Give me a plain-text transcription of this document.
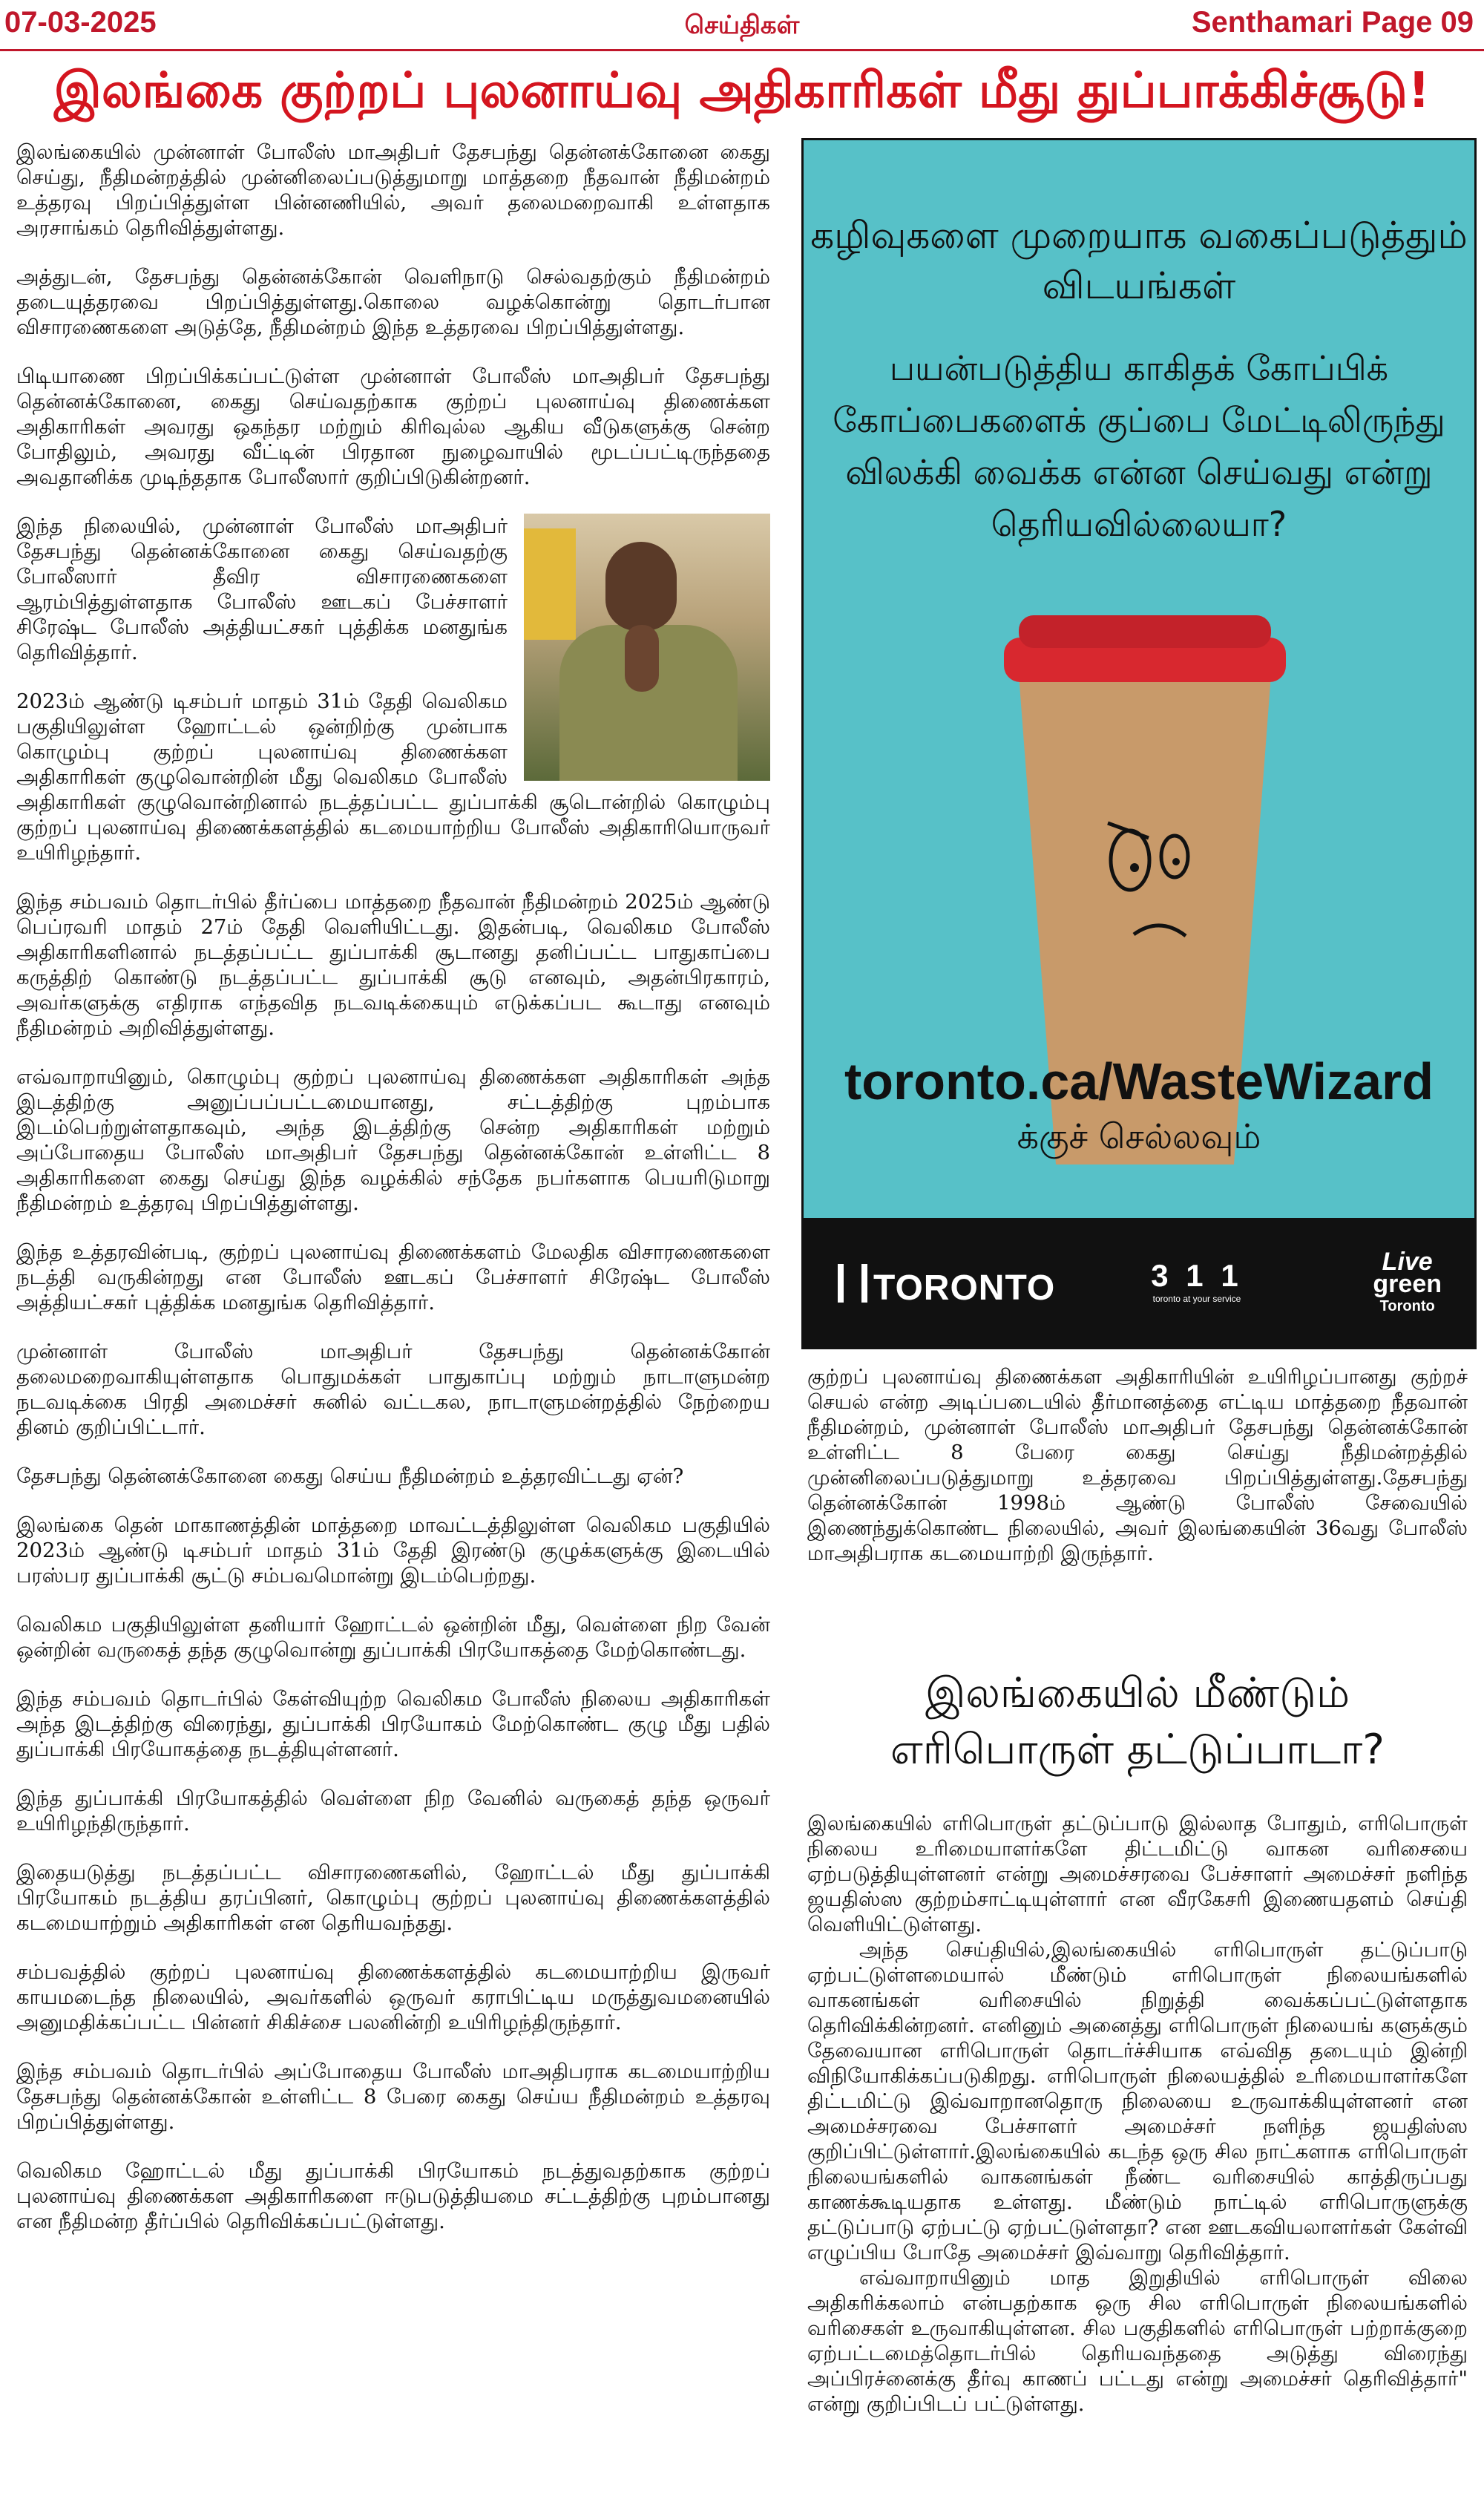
07-03-2025	செய்திகள்	Senthamari Page 09
இலங்கை குற்றப் புலனாய்வு அதிகாரிகள் மீது துப்பாக்கிச்சூடு!

இலங்கையில் முன்னாள் போலீஸ் மாஅதிபர் தேசபந்து தென்னக்கோனை கைது செய்து, நீதிமன்றத்தில் முன்னிலைப்படுத்துமாறு மாத்தறை நீதவான் நீதிமன்றம் உத்தரவு பிறப்பித்துள்ள பின்னணியில், அவர் தலைமறைவாகி உள்ளதாக அரசாங்கம் தெரிவித்துள்ளது.

அத்துடன், தேசபந்து தென்னக்கோன் வெளிநாடு செல்வதற்கும் நீதிமன்றம் தடையுத்தரவை பிறப்பித்துள்ளது.கொலை வழக்கொன்று தொடர்பான விசாரணைகளை அடுத்தே, நீதிமன்றம் இந்த உத்தரவை பிறப்பித்துள்ளது.

பிடியாணை பிறப்பிக்கப்பட்டுள்ள முன்னாள் போலீஸ் மாஅதிபர் தேசபந்து தென்னக்கோனை, கைது செய்வதற்காக குற்றப் புலனாய்வு திணைக்கள அதிகாரிகள் அவரது ஒகந்தர மற்றும் கிரிவுல்ல ஆகிய வீடுகளுக்கு சென்ற போதிலும், அவரது வீட்டின் பிரதான நுழைவாயில் மூடப்பட்டிருந்ததை அவதானிக்க முடிந்ததாக போலீஸார் குறிப்பிடுகின்றனர்.

இந்த நிலையில், முன்னாள் போலீஸ் மாஅதிபர் தேசபந்து தென்னக்கோனை கைது செய்வதற்கு போலீஸார் தீவிர விசாரணைகளை ஆரம்பித்துள்ளதாக போலீஸ் ஊடகப் பேச்சாளர் சிரேஷ்ட போலீஸ் அத்தியட்சகர் புத்திக்க மனதுங்க தெரிவித்தார்.

2023ம் ஆண்டு டிசம்பர் மாதம் 31ம் தேதி வெலிகம பகுதியிலுள்ள ஹோட்டல் ஒன்றிற்கு முன்பாக கொழும்பு குற்றப் புலனாய்வு திணைக்கள அதிகாரிகள் குழுவொன்றின் மீது வெலிகம போலீஸ் அதிகாரிகள் குழுவொன்றினால் நடத்தப்பட்ட துப்பாக்கி சூடொன்றில் கொழும்பு குற்றப் புலனாய்வு திணைக்களத்தில் கடமையாற்றிய போலீஸ் அதிகாரியொருவர் உயிரிழந்தார்.

இந்த சம்பவம் தொடர்பில் தீர்ப்பை மாத்தறை நீதவான் நீதிமன்றம் 2025ம் ஆண்டு பெப்ரவரி மாதம் 27ம் தேதி வெளியிட்டது. இதன்படி, வெலிகம போலீஸ் அதிகாரிகளினால் நடத்தப்பட்ட துப்பாக்கி சூடானது தனிப்பட்ட பாதுகாப்பை கருத்திற் கொண்டு நடத்தப்பட்ட துப்பாக்கி சூடு எனவும், அதன்பிரகாரம், அவர்களுக்கு எதிராக எந்தவித நடவடிக்கையும் எடுக்கப்பட கூடாது எனவும் நீதிமன்றம் அறிவித்துள்ளது.

எவ்வாறாயினும், கொழும்பு குற்றப் புலனாய்வு திணைக்கள அதிகாரிகள் அந்த இடத்திற்கு அனுப்பப்பட்டமையானது, சட்டத்திற்கு புறம்பாக இடம்பெற்றுள்ளதாகவும், அந்த இடத்திற்கு சென்ற அதிகாரிகள் மற்றும் அப்போதைய போலீஸ் மாஅதிபர் தேசபந்து தென்னக்கோன் உள்ளிட்ட 8 அதிகாரிகளை கைது செய்து இந்த வழக்கில் சந்தேக நபர்களாக பெயரிடுமாறு நீதிமன்றம் உத்தரவு பிறப்பித்துள்ளது.

இந்த உத்தரவின்படி, குற்றப் புலனாய்வு திணைக்களம் மேலதிக விசாரணைகளை நடத்தி வருகின்றது என போலீஸ் ஊடகப் பேச்சாளர் சிரேஷ்ட போலீஸ் அத்தியட்சகர் புத்திக்க மனதுங்க தெரிவித்தார்.

முன்னாள் போலீஸ் மாஅதிபர் தேசபந்து தென்னக்கோன் தலைமறைவாகியுள்ளதாக பொதுமக்கள் பாதுகாப்பு மற்றும் நாடாளுமன்ற நடவடிக்கை பிரதி அமைச்சர் சுனில் வட்டகல, நாடாளுமன்றத்தில் நேற்றைய தினம் குறிப்பிட்டார்.

தேசபந்து தென்னக்கோனை கைது செய்ய நீதிமன்றம் உத்தரவிட்டது ஏன்?

இலங்கை தென் மாகாணத்தின் மாத்தறை மாவட்டத்திலுள்ள வெலிகம பகுதியில் 2023ம் ஆண்டு டிசம்பர் மாதம் 31ம் தேதி இரண்டு குழுக்களுக்கு இடையில் பரஸ்பர துப்பாக்கி சூட்டு சம்பவமொன்று இடம்பெற்றது.

வெலிகம பகுதியிலுள்ள தனியார் ஹோட்டல் ஒன்றின் மீது, வெள்ளை நிற வேன் ஒன்றின் வருகைத் தந்த குழுவொன்று துப்பாக்கி பிரயோகத்தை மேற்கொண்டது.

இந்த சம்பவம் தொடர்பில் கேள்வியுற்ற வெலிகம போலீஸ் நிலைய அதிகாரிகள் அந்த இடத்திற்கு விரைந்து, துப்பாக்கி பிரயோகம் மேற்கொண்ட குழு மீது பதில் துப்பாக்கி பிரயோகத்தை நடத்தியுள்ளனர்.

இந்த துப்பாக்கி பிரயோகத்தில் வெள்ளை நிற வேனில் வருகைத் தந்த ஒருவர் உயிரிழந்திருந்தார்.

இதையடுத்து நடத்தப்பட்ட விசாரணைகளில், ஹோட்டல் மீது துப்பாக்கி பிரயோகம் நடத்திய தரப்பினர், கொழும்பு குற்றப் புலனாய்வு திணைக்களத்தில் கடமையாற்றும் அதிகாரிகள் என தெரியவந்தது.

சம்பவத்தில் குற்றப் புலனாய்வு திணைக்களத்தில் கடமையாற்றிய இருவர் காயமடைந்த நிலையில், அவர்களில் ஒருவர் கராபிட்டிய மருத்துவமனையில் அனுமதிக்கப்பட்ட பின்னர் சிகிச்சை பலனின்றி உயிரிழந்திருந்தார்.

இந்த சம்பவம் தொடர்பில் அப்போதைய போலீஸ் மாஅதிபராக கடமையாற்றிய தேசபந்து தென்னக்கோன் உள்ளிட்ட 8 பேரை கைது செய்ய நீதிமன்றம் உத்தரவு பிறப்பித்துள்ளது.

வெலிகம ஹோட்டல் மீது துப்பாக்கி பிரயோகம் நடத்துவதற்காக குற்றப் புலனாய்வு திணைக்கள அதிகாரிகளை ஈடுபடுத்தியமை சட்டத்திற்கு புறம்பானது என நீதிமன்ற தீர்ப்பில் தெரிவிக்கப்பட்டுள்ளது.

கழிவுகளை முறையாக வகைப்படுத்தும் விடயங்கள்
பயன்படுத்திய காகிதக் கோப்பிக் கோப்பைகளைக் குப்பை மேட்டிலிருந்து விலக்கி வைக்க என்ன செய்வது என்று தெரியவில்லையா?
toronto.ca/WasteWizard
க்குச் செல்லவும்
TORONTO	3 1 1
toronto at your service
Live
green
Toronto

குற்றப் புலனாய்வு திணைக்கள அதிகாரியின் உயிரிழப்பானது குற்றச் செயல் என்ற அடிப்படையில் தீர்மானத்தை எட்டிய மாத்தறை நீதவான் நீதிமன்றம், முன்னாள் போலீஸ் மாஅதிபர் தேசபந்து தென்னக்கோன் உள்ளிட்ட 8 பேரை கைது செய்து நீதிமன்றத்தில் முன்னிலைப்படுத்துமாறு உத்தரவை பிறப்பித்துள்ளது.தேசபந்து தென்னக்கோன் 1998ம் ஆண்டு போலீஸ் சேவையில் இணைந்துக்கொண்ட நிலையில், அவர் இலங்கையின் 36வது போலீஸ் மாஅதிபராக கடமையாற்றி இருந்தார்.

இலங்கையில் மீண்டும் எரிபொருள் தட்டுப்பாடா?

இலங்கையில் எரிபொருள் தட்டுப்பாடு இல்லாத போதும், எரிபொருள் நிலைய உரிமையாளர்களே திட்டமிட்டு வாகன வரிசையை ஏற்படுத்தியுள்ளனர் என்று அமைச்சரவை பேச்சாளர் அமைச்சர் நளிந்த ஜயதிஸ்ஸ குற்றம்சாட்டியுள்ளார் என வீரகேசரி இணையதளம் செய்தி வெளியிட்டுள்ளது.

அந்த செய்தியில்,இலங்கையில் எரிபொருள் தட்டுப்பாடு ஏற்பட்டுள்ளமையால் மீண்டும் எரிபொருள் நிலையங்களில் வாகனங்கள் வரிசையில் நிறுத்தி வைக்கப்பட்டுள்ளதாக தெரிவிக்கின்றனர். எனினும் அனைத்து எரிபொருள் நிலையங் களுக்கும் தேவையான எரிபொருள் தொடர்ச்சியாக எவ்வித தடையும் இன்றி விநியோகிக்கப்படுகிறது. எரிபொருள் நிலையத்தில் உரிமையாளர்களே திட்டமிட்டு இவ்வாறானதொரு நிலையை உருவாக்கியுள்ளனர் என அமைச்சரவை பேச்சாளர் அமைச்சர் நளிந்த ஜயதிஸ்ஸ குறிப்பிட்டுள்ளார்.இலங்கையில் கடந்த ஒரு சில நாட்களாக எரிபொருள் நிலையங்களில் வாகனங்கள் நீண்ட வரிசையில் காத்திருப்பது காணக்கூடியதாக உள்ளது. மீண்டும் நாட்டில் எரிபொருளுக்கு தட்டுப்பாடு ஏற்பட்டு ஏற்பட்டுள்ளதா? என ஊடகவியலாளர்கள் கேள்வி எழுப்பிய போதே அமைச்சர் இவ்வாறு தெரிவித்தார்.

எவ்வாறாயினும் மாத இறுதியில் எரிபொருள் விலை அதிகரிக்கலாம் என்பதற்காக ஒரு சில எரிபொருள் நிலையங்களில் வரிசைகள் உருவாகியுள்ளன. சில பகுதிகளில் எரிபொருள் பற்றாக்குறை ஏற்பட்டமைத்தொடர்பில் தெரியவந்ததை அடுத்து விரைந்து அப்பிரச்னைக்கு தீர்வு காணப் பட்டது என்று அமைச்சர் தெரிவித்தார்" என்று குறிப்பிடப் பட்டுள்ளது.
